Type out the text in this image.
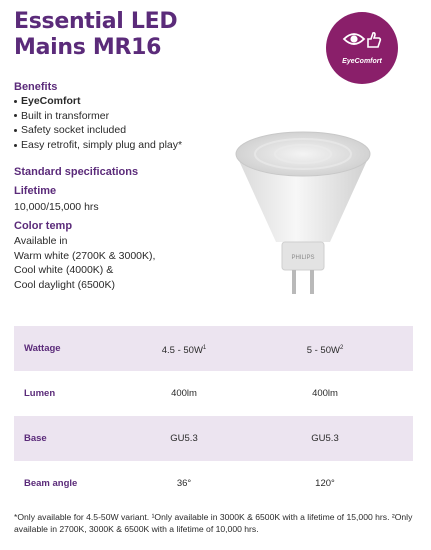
Essential LED
Mains MR16
EyeComfort
Benefits
EyeComfort
Built in transformer
Safety socket included
Easy retrofit, simply plug and play*
Standard specifications
Lifetime
10,000/15,000 hrs
Color temp
Available in
Warm white (2700K & 3000K),
Cool white (4000K) &
Cool daylight (6500K)
PHILIPS
Wattage	$4.5 - 50W^1$	$5 - 50W^2$
Lumen	400lm	400lm
Base	GU5.3	GU5.3
Beam angle	36°	120°
*Only available for 4.5-50W variant. ¹Only available in 3000K & 6500K with a lifetime of 15,000 hrs. ²Only available in 2700K, 3000K & 6500K with a lifetime of 10,000 hrs.
